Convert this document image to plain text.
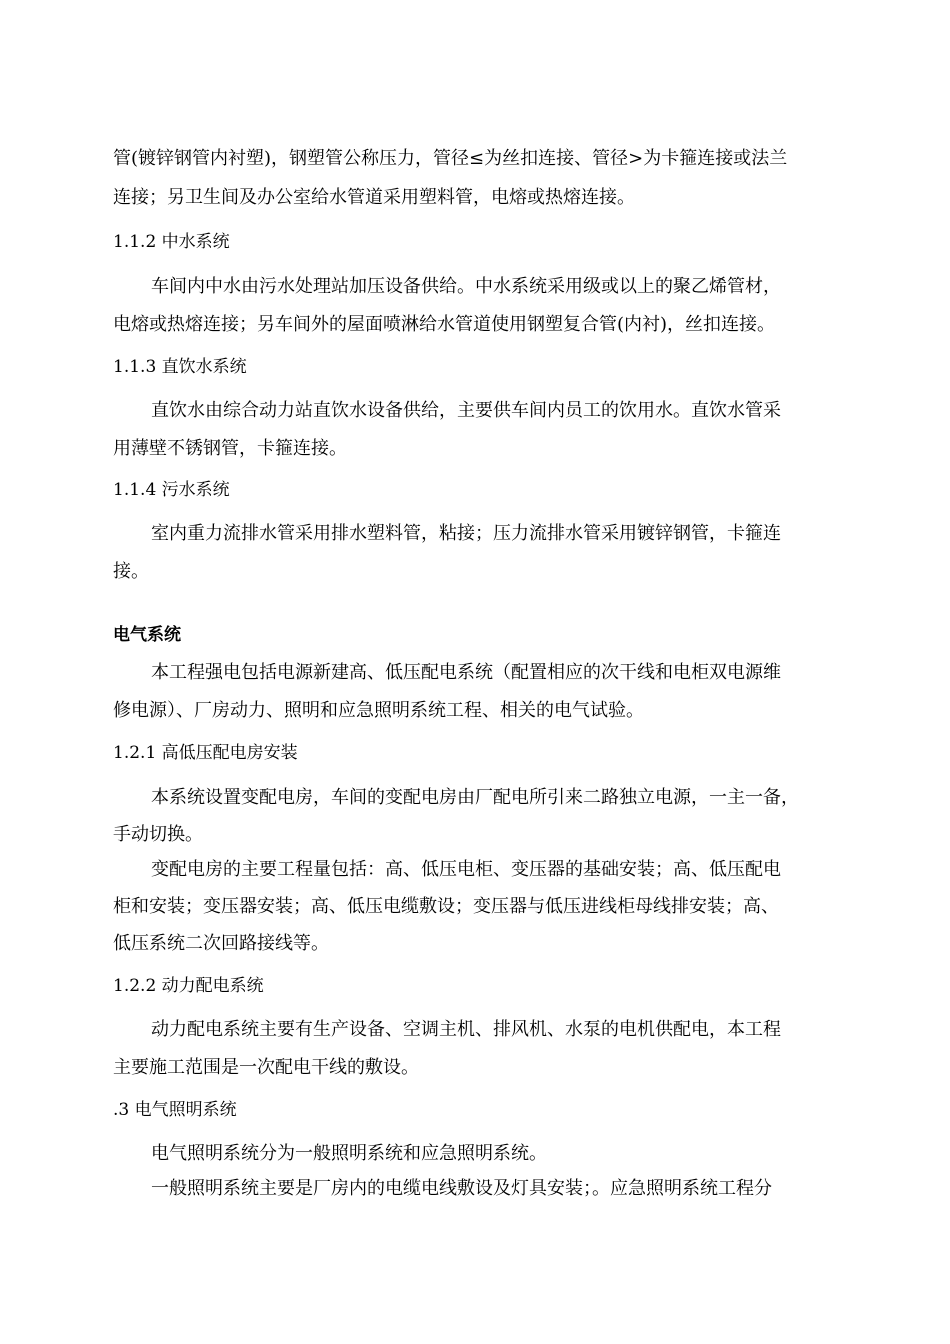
管(镀锌钢管内衬塑)，钢塑管公称压力，管径≤为丝扣连接、管径>为卡箍连接或法兰
连接；另卫生间及办公室给水管道采用塑料管，电熔或热熔连接。
1.1.2 中水系统
车间内中水由污水处理站加压设备供给。中水系统采用级或以上的聚乙烯管材，
电熔或热熔连接；另车间外的屋面喷淋给水管道使用钢塑复合管(内衬)，丝扣连接。
1.1.3 直饮水系统
直饮水由综合动力站直饮水设备供给，主要供车间内员工的饮用水。直饮水管采
用薄壁不锈钢管，卡箍连接。
1.1.4 污水系统
室内重力流排水管采用排水塑料管，粘接；压力流排水管采用镀锌钢管，卡箍连
接。
电气系统
本工程强电包括电源新建高、低压配电系统（配置相应的次干线和电柜双电源维
修电源）、厂房动力、照明和应急照明系统工程、相关的电气试验。
1.2.1 高低压配电房安装
本系统设置变配电房，车间的变配电房由厂配电所引来二路独立电源，一主一备，
手动切换。
变配电房的主要工程量包括：高、低压电柜、变压器的基础安装；高、低压配电
柜和安装；变压器安装；高、低压电缆敷设；变压器与低压进线柜母线排安装；高、
低压系统二次回路接线等。
1.2.2 动力配电系统
动力配电系统主要有生产设备、空调主机、排风机、水泵的电机供配电，本工程
主要施工范围是一次配电干线的敷设。
.3 电气照明系统
电气照明系统分为一般照明系统和应急照明系统。
一般照明系统主要是厂房内的电缆电线敷设及灯具安装；。应急照明系统工程分
